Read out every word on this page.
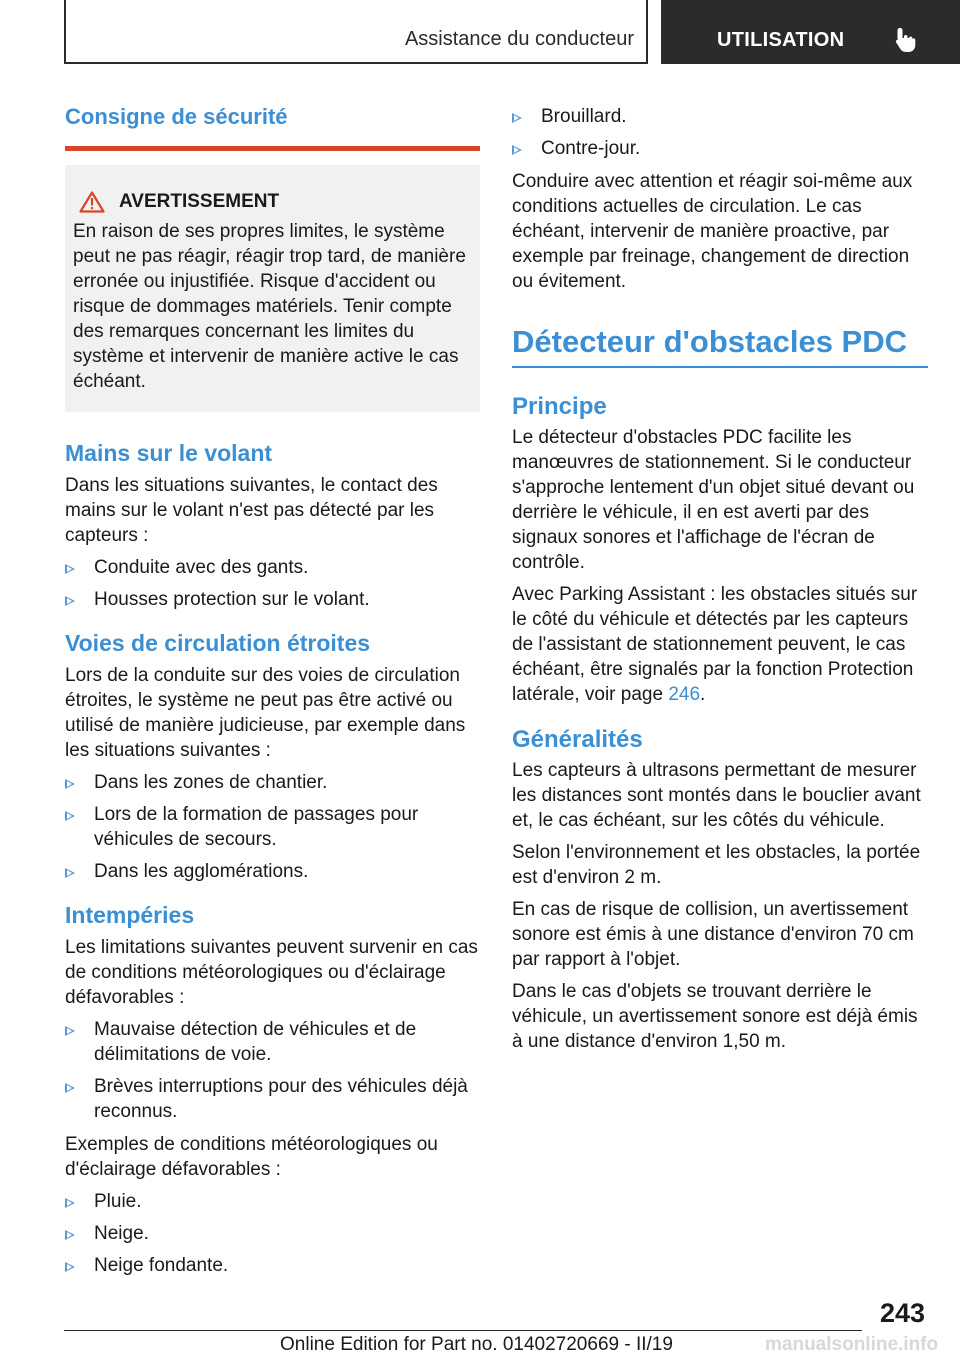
Assistance du conducteur	UTILISATION
Consigne de sécurité
AVERTISSEMENT

En raison de ses propres limites, le système peut ne pas réagir, réagir trop tard, de manière erronée ou injustifiée. Risque d'accident ou risque de dommages matériels. Tenir compte des remarques concernant les limites du système et intervenir de manière active le cas échéant.

Mains sur le volant

Dans les situations suivantes, le contact des mains sur le volant n'est pas détecté par les capteurs :

Conduite avec des gants.
Housses protection sur le volant.
Voies de circulation étroites

Lors de la conduite sur des voies de circulation étroites, le système ne peut pas être activé ou utilisé de manière judicieuse, par exemple dans les situations suivantes :

Dans les zones de chantier.
Lors de la formation de passages pour véhicules de secours.
Dans les agglomérations.
Intempéries

Les limitations suivantes peuvent survenir en cas de conditions météorologiques ou d'éclairage défavorables :

Mauvaise détection de véhicules et de délimitations de voie.
Brèves interruptions pour des véhicules déjà reconnus.

Exemples de conditions météorologiques ou d'éclairage défavorables :

Pluie.
Neige.
Neige fondante.
Brouillard.
Contre-jour.

Conduire avec attention et réagir soi-même aux conditions actuelles de circulation. Le cas échéant, intervenir de manière proactive, par exemple par freinage, changement de direction ou évitement.

Détecteur d'obstacles PDC
Principe

Le détecteur d'obstacles PDC facilite les manœuvres de stationnement. Si le conducteur s'approche lentement d'un objet situé devant ou derrière le véhicule, il en est averti par des signaux sonores et l'affichage de l'écran de contrôle.

Avec Parking Assistant : les obstacles situés sur le côté du véhicule et détectés par les capteurs de l'assistant de stationnement peuvent, le cas échéant, être signalés par la fonction Protection latérale, voir page 246.

Généralités

Les capteurs à ultrasons permettant de mesurer les distances sont montés dans le bouclier avant et, le cas échéant, sur les côtés du véhicule.

Selon l'environnement et les obstacles, la portée est d'environ 2 m.

En cas de risque de collision, un avertissement sonore est émis à une distance d'environ 70 cm par rapport à l'objet.

Dans le cas d'objets se trouvant derrière le véhicule, un avertissement sonore est déjà émis à une distance d'environ 1,50 m.

243
Online Edition for Part no. 01402720669 - II/19	manualsonline.info
